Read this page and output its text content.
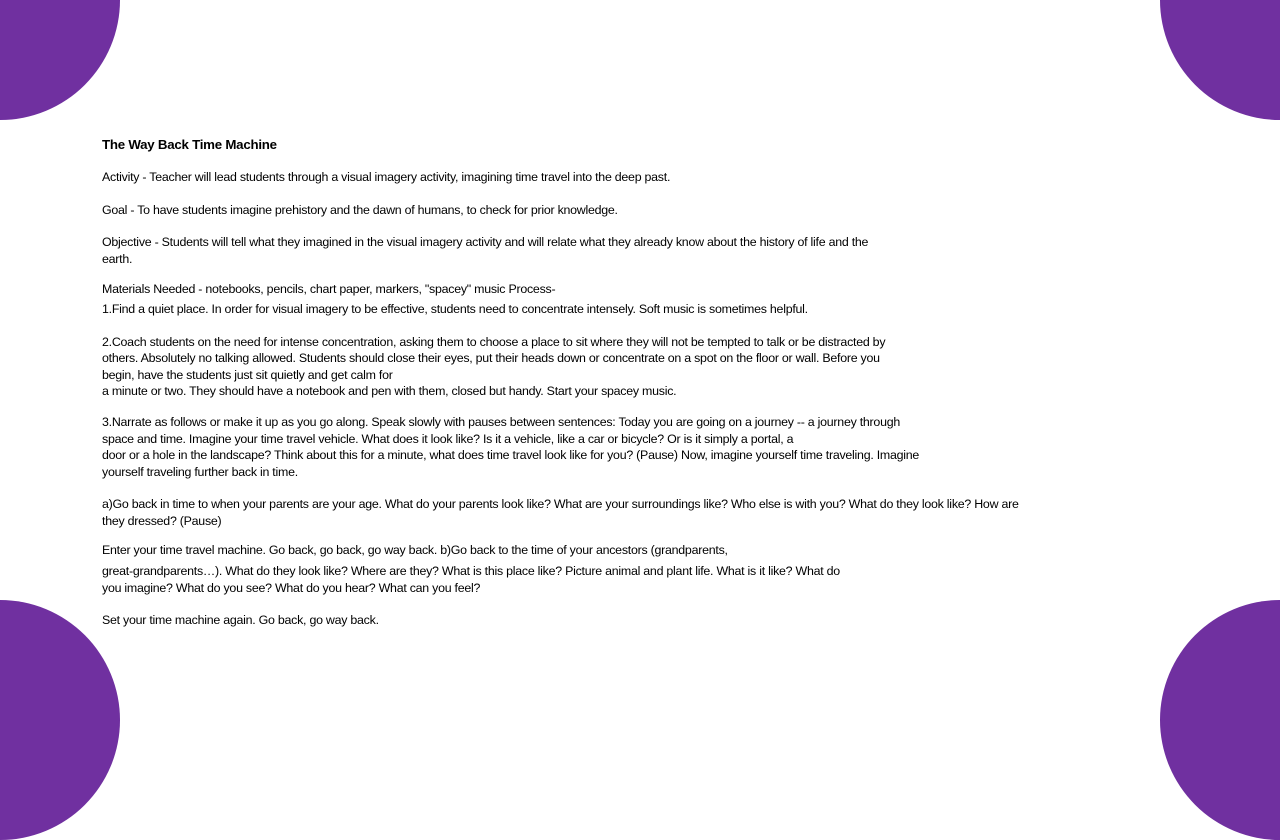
The Way Back Time Machine

Activity - Teacher will lead students through a visual imagery activity, imagining time travel into the deep past.

Goal - To have students imagine prehistory and the dawn of humans, to check for prior knowledge.

Objective - Students will tell what they imagined in the visual imagery activity and will relate what they already know about the history of life and the

earth.

Materials Needed - notebooks, pencils, chart paper, markers, "spacey" music Process-

1.Find a quiet place. In order for visual imagery to be effective, students need to concentrate intensely. Soft music is sometimes helpful.

2.Coach students on the need for intense concentration, asking them to choose a place to sit where they will not be tempted to talk or be distracted by

others. Absolutely no talking allowed. Students should close their eyes, put their heads down or concentrate on a spot on the floor or wall. Before you

begin, have the students just sit quietly and get calm for

a minute or two. They should have a notebook and pen with them, closed but handy. Start your spacey music.

3.Narrate as follows or make it up as you go along. Speak slowly with pauses between sentences: Today you are going on a journey -- a journey through

space and time. Imagine your time travel vehicle. What does it look like? Is it a vehicle, like a car or bicycle? Or is it simply a portal, a

door or a hole in the landscape? Think about this for a minute, what does time travel look like for you? (Pause) Now, imagine yourself time traveling. Imagine

yourself traveling further back in time.

a)Go back in time to when your parents are your age. What do your parents look like? What are your surroundings like? Who else is with you? What do they look like? How are

they dressed? (Pause)

Enter your time travel machine. Go back, go back, go way back. b)Go back to the time of your ancestors (grandparents,

great-grandparents…). What do they look like? Where are they? What is this place like? Picture animal and plant life. What is it like? What do

you imagine? What do you see? What do you hear? What can you feel?

Set your time machine again. Go back, go way back.
